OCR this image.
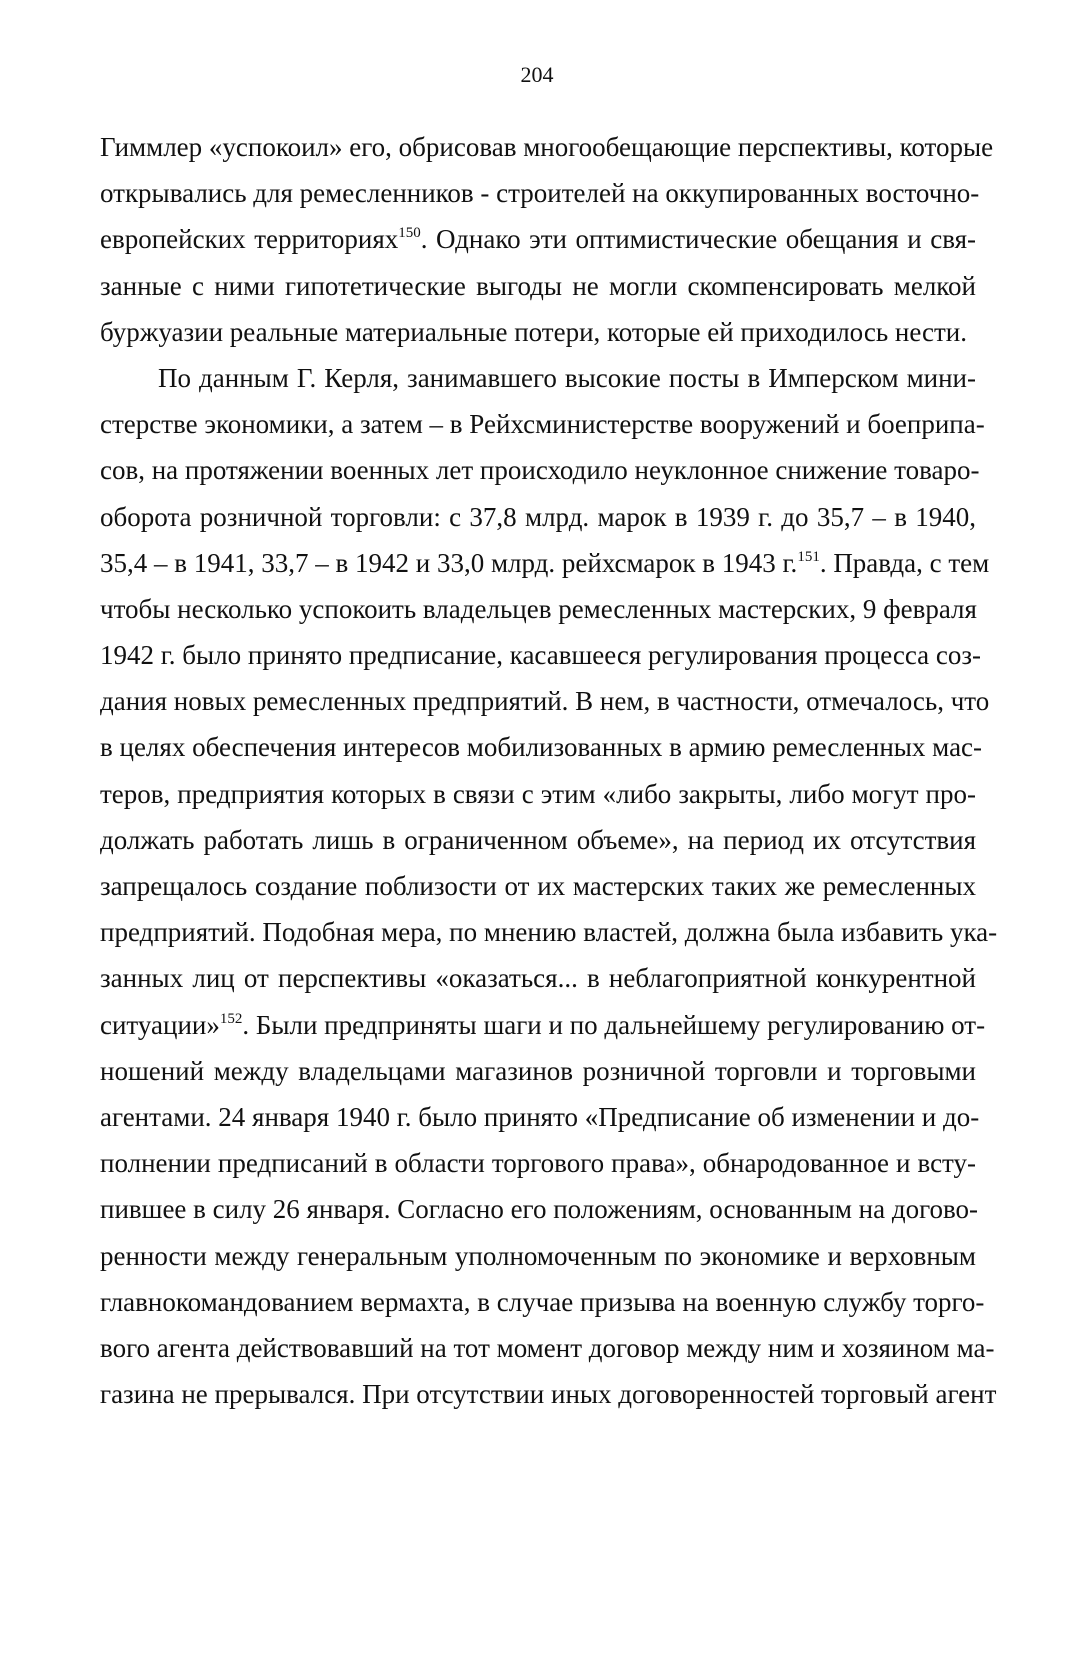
204
Гиммлер «успокоил» его, обрисовав многообещающие перспективы, которые
открывались для ремесленников - строителей на оккупированных восточно-
европейских территориях$^{150}$. Однако эти оптимистические обещания и свя-
занные с ними гипотетические выгоды не могли скомпенсировать мелкой
буржуазии реальные материальные потери, которые ей приходилось нести.
По данным Г. Керля, занимавшего высокие посты в Имперском мини-
стерстве экономики, а затем – в Рейхсминистерстве вооружений и боеприпа-
сов, на протяжении военных лет происходило неуклонное снижение товаро-
оборота розничной торговли: с 37,8 млрд. марок в 1939 г. до 35,7 – в 1940,
35,4 – в 1941, 33,7 – в 1942 и 33,0 млрд. рейхсмарок в 1943 г.$^{151}$. Правда, с тем
чтобы несколько успокоить владельцев ремесленных мастерских, 9 февраля
1942 г. было принято предписание, касавшееся регулирования процесса соз-
дания новых ремесленных предприятий. В нем, в частности, отмечалось, что
в целях обеспечения интересов мобилизованных в армию ремесленных мас-
теров, предприятия которых в связи с этим «либо закрыты, либо могут про-
должать работать лишь в ограниченном объеме», на период их отсутствия
запрещалось создание поблизости от их мастерских таких же ремесленных
предприятий. Подобная мера, по мнению властей, должна была избавить ука-
занных лиц от перспективы «оказаться... в неблагоприятной конкурентной
ситуации»$^{152}$. Были предприняты шаги и по дальнейшему регулированию от-
ношений между владельцами магазинов розничной торговли и торговыми
агентами. 24 января 1940 г. было принято «Предписание об изменении и до-
полнении предписаний в области торгового права», обнародованное и всту-
пившее в силу 26 января. Согласно его положениям, основанным на догово-
ренности между генеральным уполномоченным по экономике и верховным
главнокомандованием вермахта, в случае призыва на военную службу торго-
вого агента действовавший на тот момент договор между ним и хозяином ма-
газина не прерывался. При отсутствии иных договоренностей торговый агент
